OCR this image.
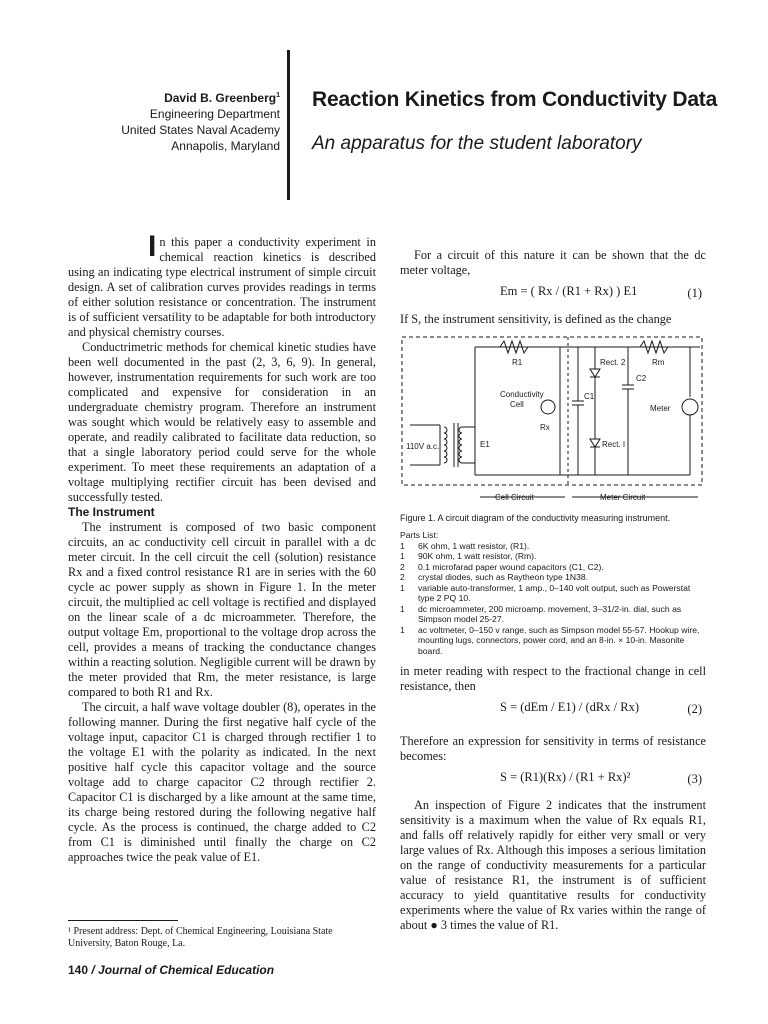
David B. Greenberg$^1$
Engineering Department
United States Naval Academy
Annapolis, Maryland
Reaction Kinetics from Conductivity Data
An apparatus for the student laboratory

In this paper a conductivity experiment in chemical reaction kinetics is described using an indicating type electrical instrument of simple circuit design. A set of calibration curves provides readings in terms of either solution resistance or concentration. The instrument is of sufficient versatility to be adaptable for both introductory and physical chemistry courses.

Conductrimetric methods for chemical kinetic studies have been well documented in the past (2, 3, 6, 9). In general, however, instrumentation requirements for such work are too complicated and expensive for consideration in an undergraduate chemistry program. Therefore an instrument was sought which would be relatively easy to assemble and operate, and readily calibrated to facilitate data reduction, so that a single laboratory period could serve for the whole experiment. To meet these requirements an adaptation of a voltage multiplying rectifier circuit has been devised and successfully tested.

The Instrument

The instrument is composed of two basic component circuits, an ac conductivity cell circuit in parallel with a dc meter circuit. In the cell circuit the cell (solution) resistance Rx and a fixed control resistance R1 are in series with the 60 cycle ac power supply as shown in Figure 1. In the meter circuit, the multiplied ac cell voltage is rectified and displayed on the linear scale of a dc microammeter. Therefore, the output voltage Em, proportional to the voltage drop across the cell, provides a means of tracking the conductance changes within a reacting solution. Negligible current will be drawn by the meter provided that Rm, the meter resistance, is large compared to both R1 and Rx.

The circuit, a half wave voltage doubler (8), operates in the following manner. During the first negative half cycle of the voltage input, capacitor C1 is charged through rectifier 1 to the voltage E1 with the polarity as indicated. In the next positive half cycle this capacitor voltage and the source voltage add to charge capacitor C2 through rectifier 2. Capacitor C1 is discharged by a like amount at the same time, its charge being restored during the following negative half cycle. As the process is continued, the charge added to C2 from C1 is diminished until finally the charge on C2 approaches twice the peak value of E1.

¹ Present address: Dept. of Chemical Engineering, Louisiana State University, Baton Rouge, La.
140 / Journal of Chemical Education

For a circuit of this nature it can be shown that the dc meter voltage,

Em = ( Rx / (R1 + Rx) ) E1	(1)

If S, the instrument sensitivity, is defined as the change

R1	Rm
Rect. 2
Conductivity
Cell
C1
C2
Meter
Rx
Rect. I
E1
110V a.c.
Cell Circuit	Meter Circuit
Figure 1. A circuit diagram of the conductivity measuring instrument.
Parts List:
1	6K ohm, 1 watt resistor, (R1).
1	90K ohm, 1 watt resistor, (Rm).
2	0.1 microfarad paper wound capacitors (C1, C2).
2	crystal diodes, such as Raytheon type 1N38.
1	variable auto-transformer, 1 amp., 0–140 volt output, such as Powerstat type 2 PQ 10.
1	dc microammeter, 200 microamp. movement, 3–31/2-in. dial, such as Simpson model 25-27.
1	ac voltmeter, 0–150 v range, such as Simpson model 55-57. Hookup wire, mounting lugs, connectors, power cord, and an 8-in. × 10-in. Masonite board.

in meter reading with respect to the fractional change in cell resistance, then

S = (dEm / E1) / (dRx / Rx)	(2)

Therefore an expression for sensitivity in terms of resistance becomes:

S = (R1)(Rx) / (R1 + Rx)²	(3)

An inspection of Figure 2 indicates that the instrument sensitivity is a maximum when the value of Rx equals R1, and falls off relatively rapidly for either very small or very large values of Rx. Although this imposes a serious limitation on the range of conductivity measurements for a particular value of resistance R1, the instrument is of sufficient accuracy to yield quantitative results for conductivity experiments where the value of Rx varies within the range of about ● 3 times the value of R1.
